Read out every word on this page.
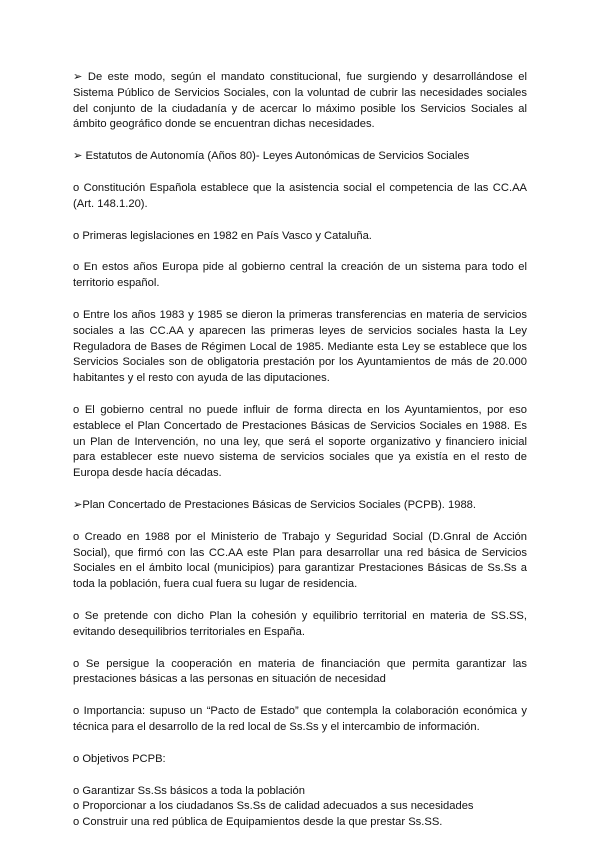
➢ De este modo, según el mandato constitucional, fue surgiendo y desarrollándose el Sistema Público de Servicios Sociales, con la voluntad de cubrir las necesidades sociales del conjunto de la ciudadanía y de acercar lo máximo posible los Servicios Sociales al ámbito geográfico donde se encuentran dichas necesidades.

➢ Estatutos de Autonomía (Años 80)- Leyes Autonómicas de Servicios Sociales

o Constitución Española establece que la asistencia social el competencia de las CC.AA (Art. 148.1.20).

o Primeras legislaciones en 1982 en País Vasco y Cataluña.

o En estos años Europa pide al gobierno central la creación de un sistema para todo el territorio español.

o Entre los años 1983 y 1985 se dieron la primeras transferencias en materia de servicios sociales a las CC.AA y aparecen las primeras leyes de servicios sociales hasta la Ley Reguladora de Bases de Régimen Local de 1985. Mediante esta Ley se establece que los Servicios Sociales son de obligatoria prestación por los Ayuntamientos de más de 20.000 habitantes y el resto con ayuda de las diputaciones.

o El gobierno central no puede influir de forma directa en los Ayuntamientos, por eso establece el Plan Concertado de Prestaciones Básicas de Servicios Sociales en 1988. Es un Plan de Intervención, no una ley, que será el soporte organizativo y financiero inicial para establecer este nuevo sistema de servicios sociales que ya existía en el resto de Europa desde hacía décadas.

➢Plan Concertado de Prestaciones Básicas de Servicios Sociales (PCPB). 1988.

o Creado en 1988 por el Ministerio de Trabajo y Seguridad Social (D.Gnral de Acción Social), que firmó con las CC.AA este Plan para desarrollar una red básica de Servicios Sociales en el ámbito local (municipios) para garantizar Prestaciones Básicas de Ss.Ss a toda la población, fuera cual fuera su lugar de residencia.

o Se pretende con dicho Plan la cohesión y equilibrio territorial en materia de SS.SS, evitando desequilibrios territoriales en España.

o Se persigue la cooperación en materia de financiación que permita garantizar las prestaciones básicas a las personas en situación de necesidad

o Importancia: supuso un “Pacto de Estado” que contempla la colaboración económica y técnica para el desarrollo de la red local de Ss.Ss y el intercambio de información.

o Objetivos PCPB:

o Garantizar Ss.Ss básicos a toda la población

o Proporcionar a los ciudadanos Ss.Ss de calidad adecuados a sus necesidades

o Construir una red pública de Equipamientos desde la que prestar Ss.SS.
